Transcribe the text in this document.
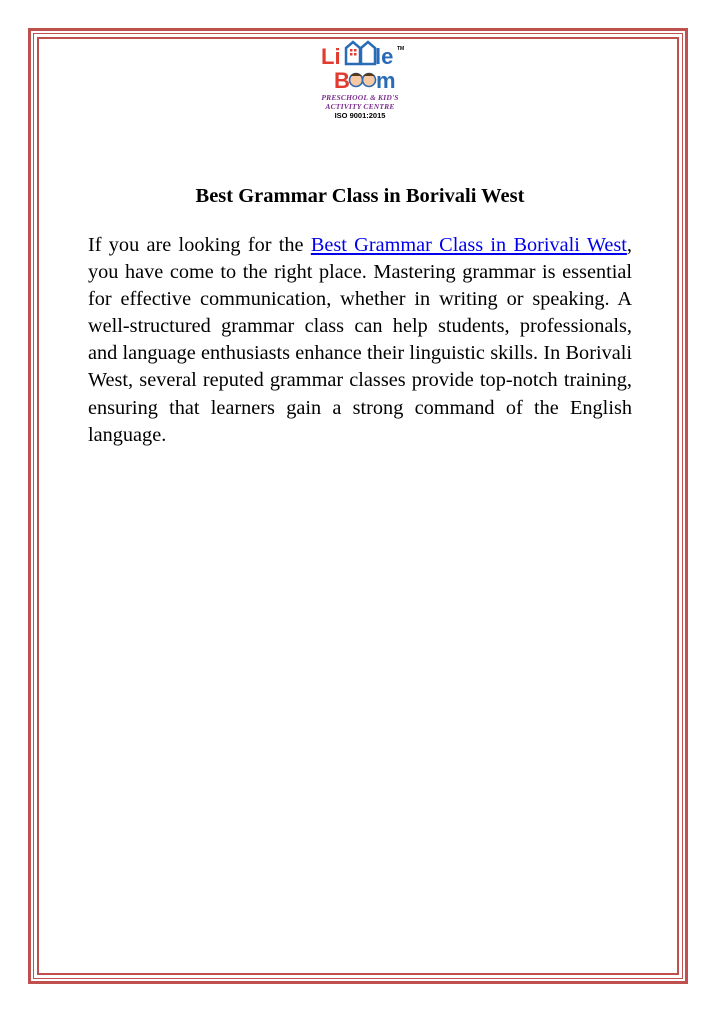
Li le
B m
TM
PRESCHOOL & KID'S
ACTIVITY CENTRE
ISO 9001:2015
Best Grammar Class in Borivali West

If you are looking for the Best Grammar Class in Borivali West, you have come to the right place. Mastering grammar is essential for effective communication, whether in writing or speaking. A well-structured grammar class can help students, professionals, and language enthusiasts enhance their linguistic skills. In Borivali West, several reputed grammar classes provide top-notch training, ensuring that learners gain a strong command of the English language.
